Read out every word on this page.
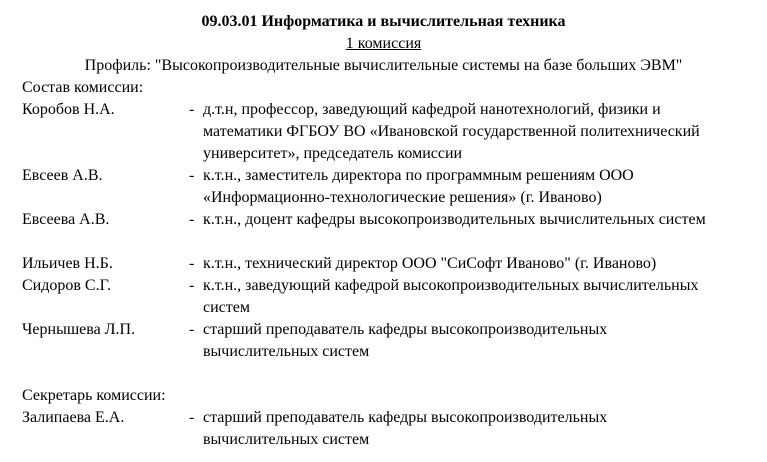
09.03.01 Информатика и вычислительная техника
1 комиссия
Профиль: "Высокопроизводительные вычислительные системы на базе больших ЭВМ"
Состав комиссии:
Коробов Н.А.	- д.т.н, профессор, заведующий кафедрой нанотехнологий, физики и
математики ФГБОУ ВО «Ивановской государственной политехнический
университет», председатель комиссии
Евсеев А.В.	- к.т.н., заместитель директора по программным решениям ООО
«Информационно-технологические решения» (г. Иваново)
Евсеева А.В.	- к.т.н., доцент кафедры высокопроизводительных вычислительных систем
Ильичев Н.Б.	- к.т.н., технический директор ООО "СиСофт Иваново" (г. Иваново)
Сидоров С.Г.	- к.т.н., заведующий кафедрой высокопроизводительных вычислительных
систем
Чернышева Л.П.	- старший преподаватель кафедры высокопроизводительных
вычислительных систем
Секретарь комиссии:
Залипаева Е.А.	- старший преподаватель кафедры высокопроизводительных
вычислительных систем
